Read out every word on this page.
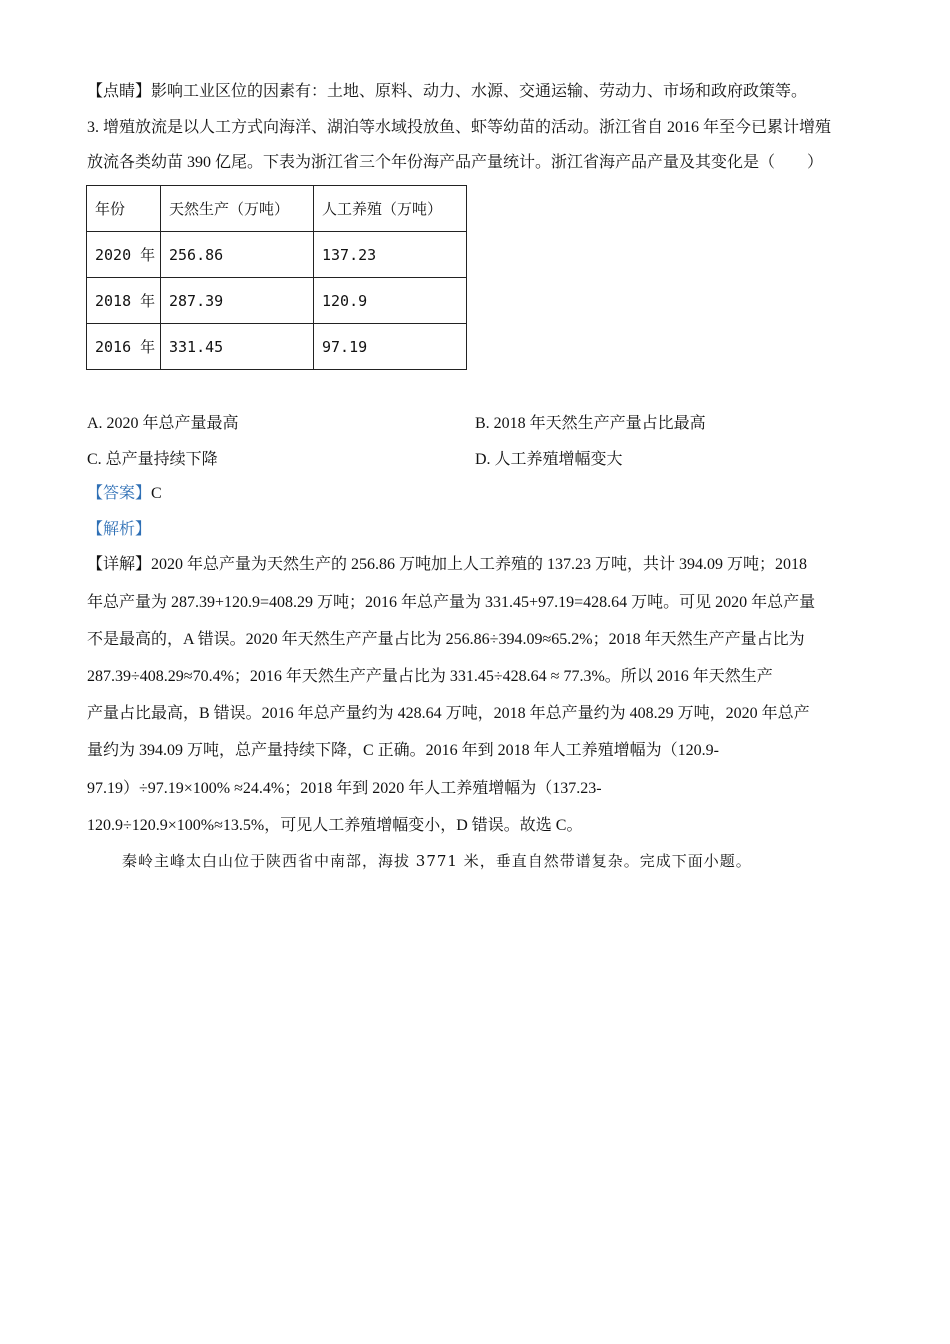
【点睛】影响工业区位的因素有：土地、原料、动力、水源、交通运输、劳动力、市场和政府政策等。
3. 增殖放流是以人工方式向海洋、湖泊等水域投放鱼、虾等幼苗的活动。浙江省自 2016 年至今已累计增殖
放流各类幼苗 390 亿尾。下表为浙江省三个年份海产品产量统计。浙江省海产品产量及其变化是（　　）
年份	天然生产（万吨）	人工养殖（万吨）
2020 年	256.86	137.23
2018 年	287.39	120.9
2016 年	331.45	97.19
A. 2020 年总产量最高	B. 2018 年天然生产产量占比最高
C. 总产量持续下降	D. 人工养殖增幅变大
【答案】C
【解析】
【详解】2020 年总产量为天然生产的 256.86 万吨加上人工养殖的 137.23 万吨，共计 394.09 万吨；2018
年总产量为 287.39+120.9=408.29 万吨；2016 年总产量为 331.45+97.19=428.64 万吨。可见 2020 年总产量
不是最高的，A 错误。2020 年天然生产产量占比为 256.86÷394.09≈65.2%；2018 年天然生产产量占比为
287.39÷408.29≈70.4%；2016 年天然生产产量占比为 331.45÷428.64 ≈ 77.3%。所以 2016 年天然生产
产量占比最高，B 错误。2016 年总产量约为 428.64 万吨，2018 年总产量约为 408.29 万吨，2020 年总产
量约为 394.09 万吨，总产量持续下降，C 正确。2016 年到 2018 年人工养殖增幅为（120.9-
97.19）÷97.19×100% ≈24.4%；2018 年到 2020 年人工养殖增幅为（137.23-
120.9÷120.9×100%≈13.5%，可见人工养殖增幅变小，D 错误。故选 C。
秦岭主峰太白山位于陕西省中南部，海拔 3771 米，垂直自然带谱复杂。完成下面小题。
